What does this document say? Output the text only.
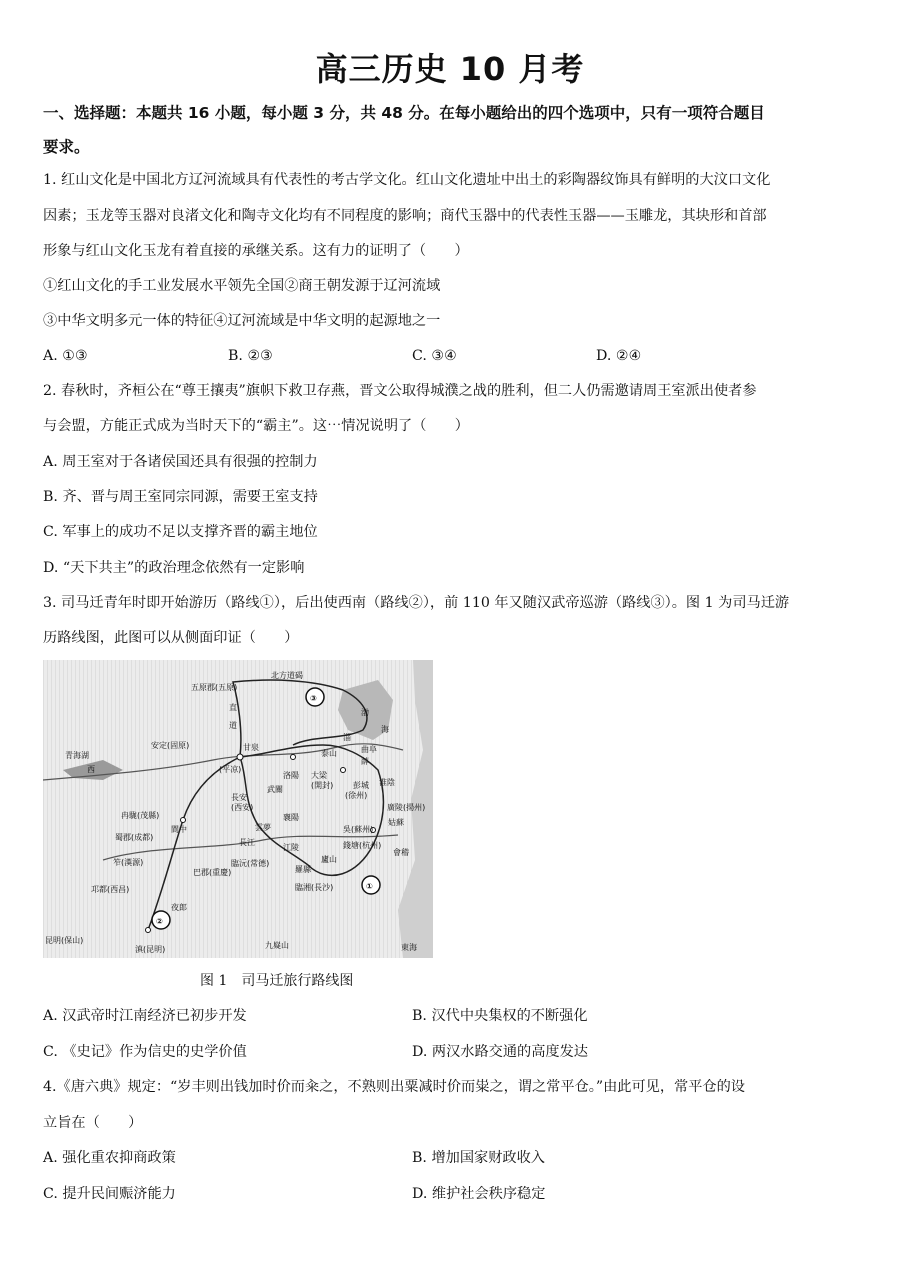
高三历史 10 月考
一、选择题：本题共 16 小题，每小题 3 分，共 48 分。在每小题给出的四个选项中，只有一项符合题目
要求。
1. 红山文化是中国北方辽河流域具有代表性的考古学文化。红山文化遗址中出土的彩陶器纹饰具有鲜明的大汶口文化
因素；玉龙等玉器对良渚文化和陶寺文化均有不同程度的影响；商代玉器中的代表性玉器——玉雕龙，其块形和首部
形象与红山文化玉龙有着直接的承继关系。这有力的证明了（　　）
①红山文化的手工业发展水平领先全国②商王朝发源于辽河流域
③中华文明多元一体的特征④辽河流域是中华文明的起源地之一
A. ①③	B. ②③	C. ③④	D. ②④
2. 春秋时，齐桓公在“尊王攘夷”旗帜下救卫存燕，晋文公取得城濮之战的胜利，但二人仍需邀请周王室派出使者参
与会盟，方能正式成为当时天下的“霸主”。这⋯情况说明了（　　）
A. 周王室对于各诸侯国还具有很强的控制力
B. 齐、晋与周王室同宗同源，需要王室支持
C. 军事上的成功不足以支撑齐晋的霸主地位
D. “天下共主”的政治理念依然有一定影响
3. 司马迁青年时即开始游历（路线①），后出使西南（路线②），前 110 年又随汉武帝巡游（路线③）。图 1 为司马迁游
历路线图，此图可以从侧面印证（　　）
③
①
②
北方道碣
五原郡(五原)
直
道
渤
海
青海湖
安定(固原)	甘泉
(平凉)
西
長安
(西安)
洛陽 大梁
(開封)
武關
襄陽
江陵
長江
淄
曲阜
薛
彭城
(徐州)
淮陰
廣陵(揚州)
姑蘇
吳(蘇州)
錢塘(杭州)
會稽
蜀郡(成都)
閬中
巴郡(重慶)
冉駹(茂縣)
笮(漢源)
邛都(西昌)
昆明(保山)
滇(昆明)
夜郎
臨沅(常德)
羅縣
臨湘(長沙)
廬山
九嶷山
雲夢
東海
泰山
图 1　司马迁旅行路线图
A. 汉武帝时江南经济已初步开发	B. 汉代中央集权的不断强化
C. 《史记》作为信史的史学价值	D. 两汉水路交通的高度发达
4.《唐六典》规定：“岁丰则出钱加时价而籴之，不熟则出粟减时价而粜之，谓之常平仓。”由此可见，常平仓的设
立旨在（　　）
A. 强化重农抑商政策	B. 增加国家财政收入
C. 提升民间赈济能力	D. 维护社会秩序稳定
